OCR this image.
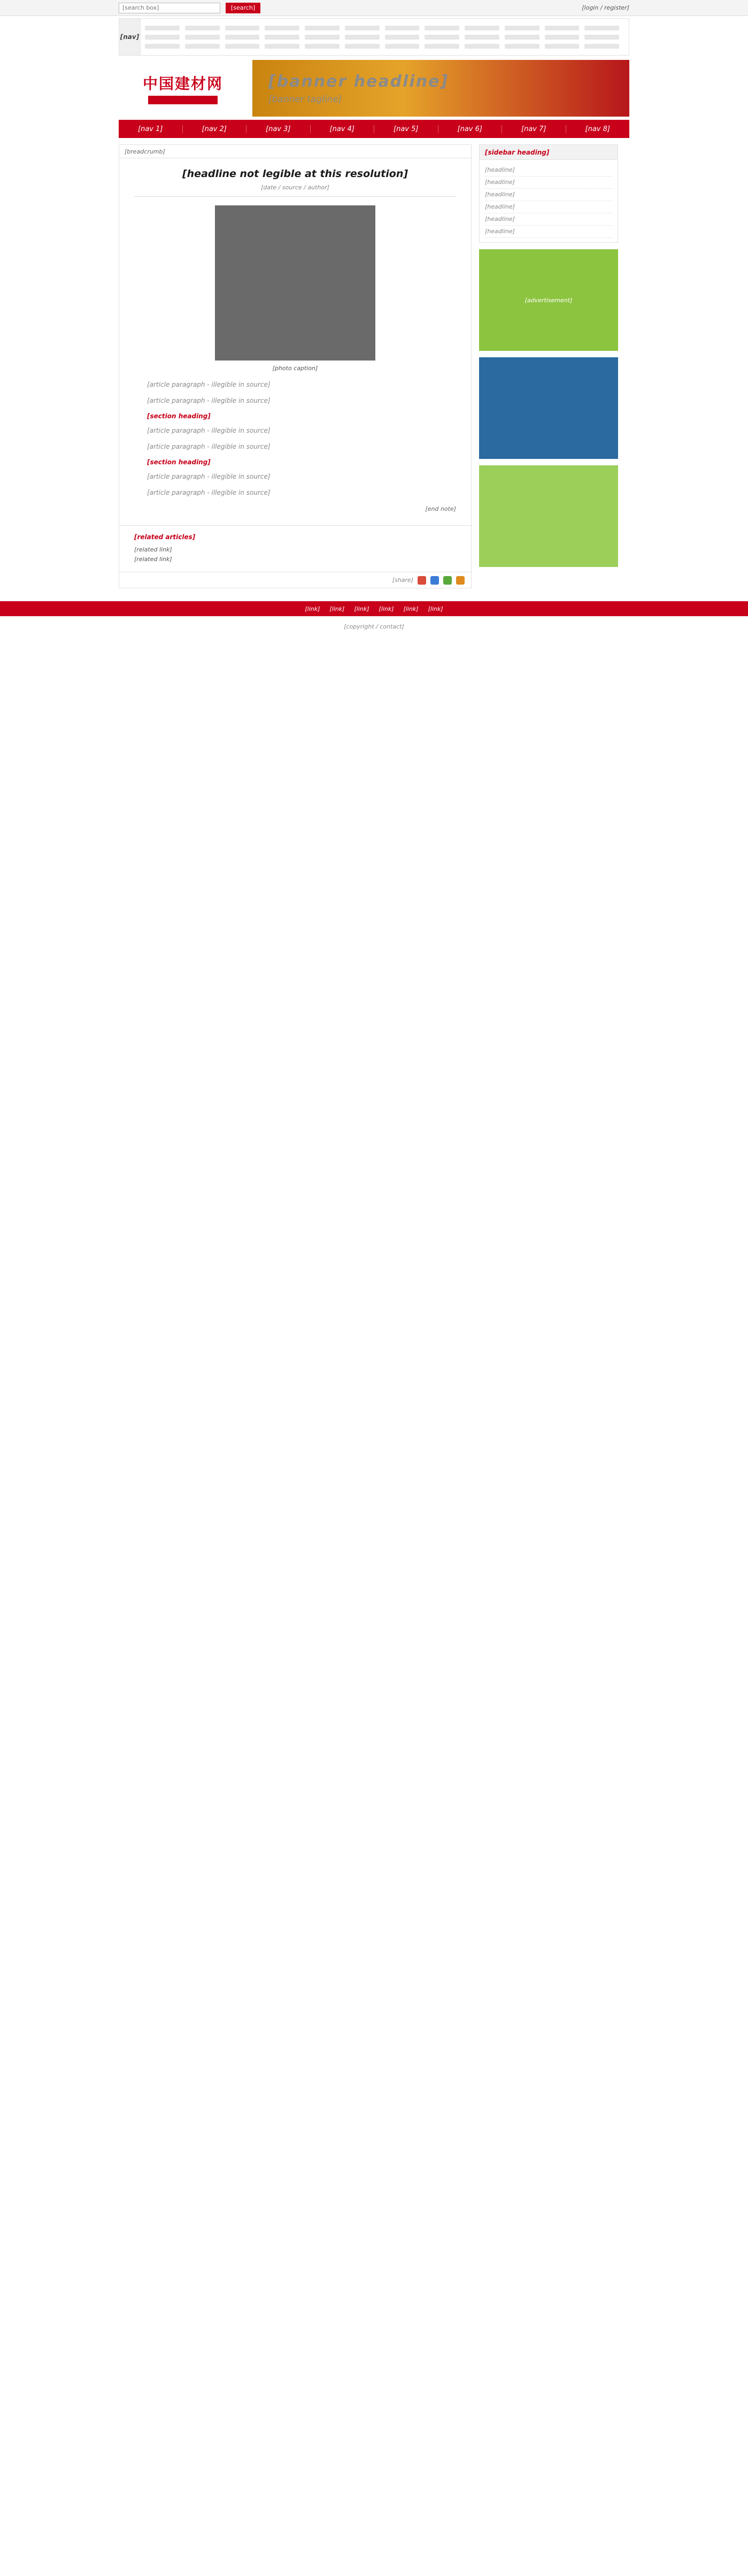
[search box]
[search]	[login / register]
[nav]
中国建材网	[banner headline]
[banner tagline]
[nav 1]	[nav 2]	[nav 3]	[nav 4]	[nav 5]	[nav 6]	[nav 7]	[nav 8]
[breadcrumb]
[headline not legible at this resolution]
[date / source / author]
[photo caption]
[article paragraph - illegible in source]
[article paragraph - illegible in source]
[section heading]
[article paragraph - illegible in source]
[article paragraph - illegible in source]
[section heading]
[article paragraph - illegible in source]
[article paragraph - illegible in source]
[end note]
[related articles]
[related link]
[related link]
[share]
[sidebar heading]
[headline]
[headline]
[headline]
[headline]
[headline]
[headline]
[advertisement]
[link] [link] [link] [link] [link] [link]
[copyright / contact]
